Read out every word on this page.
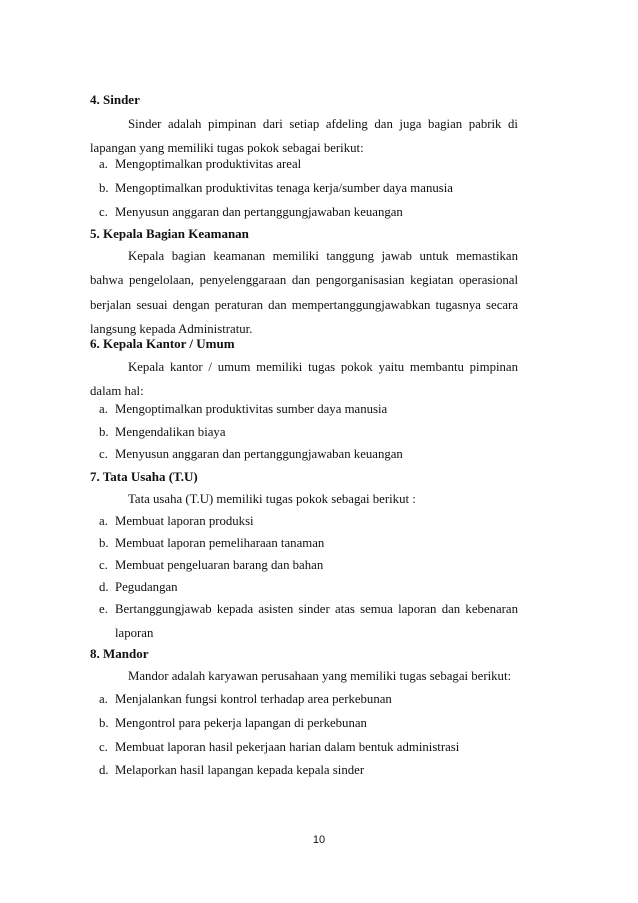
4. Sinder
Sinder adalah pimpinan dari setiap afdeling dan juga bagian pabrik di lapangan yang memiliki tugas pokok sebagai berikut:
a. Mengoptimalkan produktivitas areal
b. Mengoptimalkan produktivitas tenaga kerja/sumber daya manusia
c. Menyusun anggaran dan pertanggungjawaban keuangan
5. Kepala Bagian Keamanan
Kepala bagian keamanan memiliki tanggung jawab untuk memastikan bahwa pengelolaan, penyelenggaraan dan pengorganisasian kegiatan operasional berjalan sesuai dengan peraturan dan mempertanggungjawabkan tugasnya secara langsung kepada Administratur.
6. Kepala Kantor / Umum
Kepala kantor / umum memiliki tugas pokok yaitu membantu pimpinan dalam hal:
a. Mengoptimalkan produktivitas sumber daya manusia
b. Mengendalikan biaya
c. Menyusun anggaran dan pertanggungjawaban keuangan
7. Tata Usaha (T.U)
Tata usaha (T.U) memiliki tugas pokok sebagai berikut :
a. Membuat laporan produksi
b. Membuat laporan pemeliharaan tanaman
c. Membuat pengeluaran barang dan bahan
d. Pegudangan
e. Bertanggungjawab kepada asisten sinder atas semua laporan dan kebenaran laporan
8. Mandor
Mandor adalah karyawan perusahaan yang memiliki tugas sebagai berikut:
a. Menjalankan fungsi kontrol terhadap area perkebunan
b. Mengontrol para pekerja lapangan di perkebunan
c. Membuat laporan hasil pekerjaan harian dalam bentuk administrasi
d. Melaporkan hasil lapangan kepada kepala sinder
10
